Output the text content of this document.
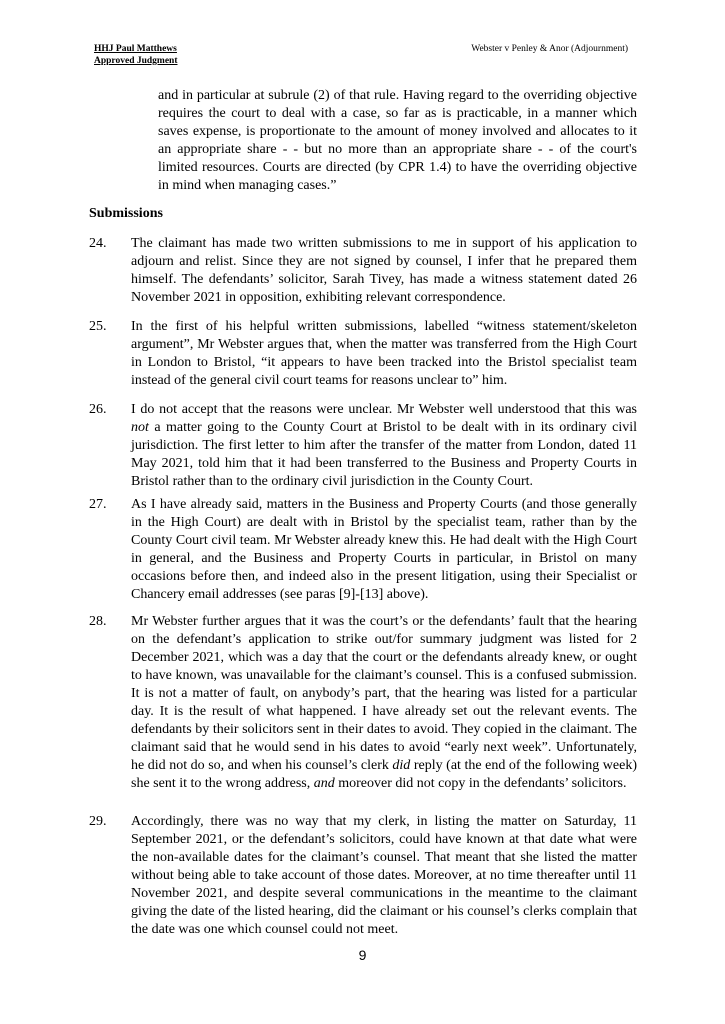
HHJ Paul Matthews
Approved Judgment
Webster v Penley & Anor (Adjournment)
and in particular at subrule (2) of that rule. Having regard to the overriding objective requires the court to deal with a case, so far as is practicable, in a manner which saves expense, is proportionate to the amount of money involved and allocates to it an appropriate share - - but no more than an appropriate share - - of the court's limited resources. Courts are directed (by CPR 1.4) to have the overriding objective in mind when managing cases.”
Submissions
24. The claimant has made two written submissions to me in support of his application to adjourn and relist. Since they are not signed by counsel, I infer that he prepared them himself. The defendants’ solicitor, Sarah Tivey, has made a witness statement dated 26 November 2021 in opposition, exhibiting relevant correspondence.
25. In the first of his helpful written submissions, labelled “witness statement/skeleton argument”, Mr Webster argues that, when the matter was transferred from the High Court in London to Bristol, “it appears to have been tracked into the Bristol specialist team instead of the general civil court teams for reasons unclear to” him.
26. I do not accept that the reasons were unclear. Mr Webster well understood that this was not a matter going to the County Court at Bristol to be dealt with in its ordinary civil jurisdiction. The first letter to him after the transfer of the matter from London, dated 11 May 2021, told him that it had been transferred to the Business and Property Courts in Bristol rather than to the ordinary civil jurisdiction in the County Court.
27. As I have already said, matters in the Business and Property Courts (and those generally in the High Court) are dealt with in Bristol by the specialist team, rather than by the County Court civil team. Mr Webster already knew this. He had dealt with the High Court in general, and the Business and Property Courts in particular, in Bristol on many occasions before then, and indeed also in the present litigation, using their Specialist or Chancery email addresses (see paras [9]-[13] above).
28. Mr Webster further argues that it was the court’s or the defendants’ fault that the hearing on the defendant’s application to strike out/for summary judgment was listed for 2 December 2021, which was a day that the court or the defendants already knew, or ought to have known, was unavailable for the claimant’s counsel. This is a confused submission. It is not a matter of fault, on anybody’s part, that the hearing was listed for a particular day. It is the result of what happened. I have already set out the relevant events. The defendants by their solicitors sent in their dates to avoid. They copied in the claimant. The claimant said that he would send in his dates to avoid “early next week”. Unfortunately, he did not do so, and when his counsel’s clerk did reply (at the end of the following week) she sent it to the wrong address, and moreover did not copy in the defendants’ solicitors.
29. Accordingly, there was no way that my clerk, in listing the matter on Saturday, 11 September 2021, or the defendant’s solicitors, could have known at that date what were the non-available dates for the claimant’s counsel. That meant that she listed the matter without being able to take account of those dates. Moreover, at no time thereafter until 11 November 2021, and despite several communications in the meantime to the claimant giving the date of the listed hearing, did the claimant or his counsel’s clerks complain that the date was one which counsel could not meet.
9
